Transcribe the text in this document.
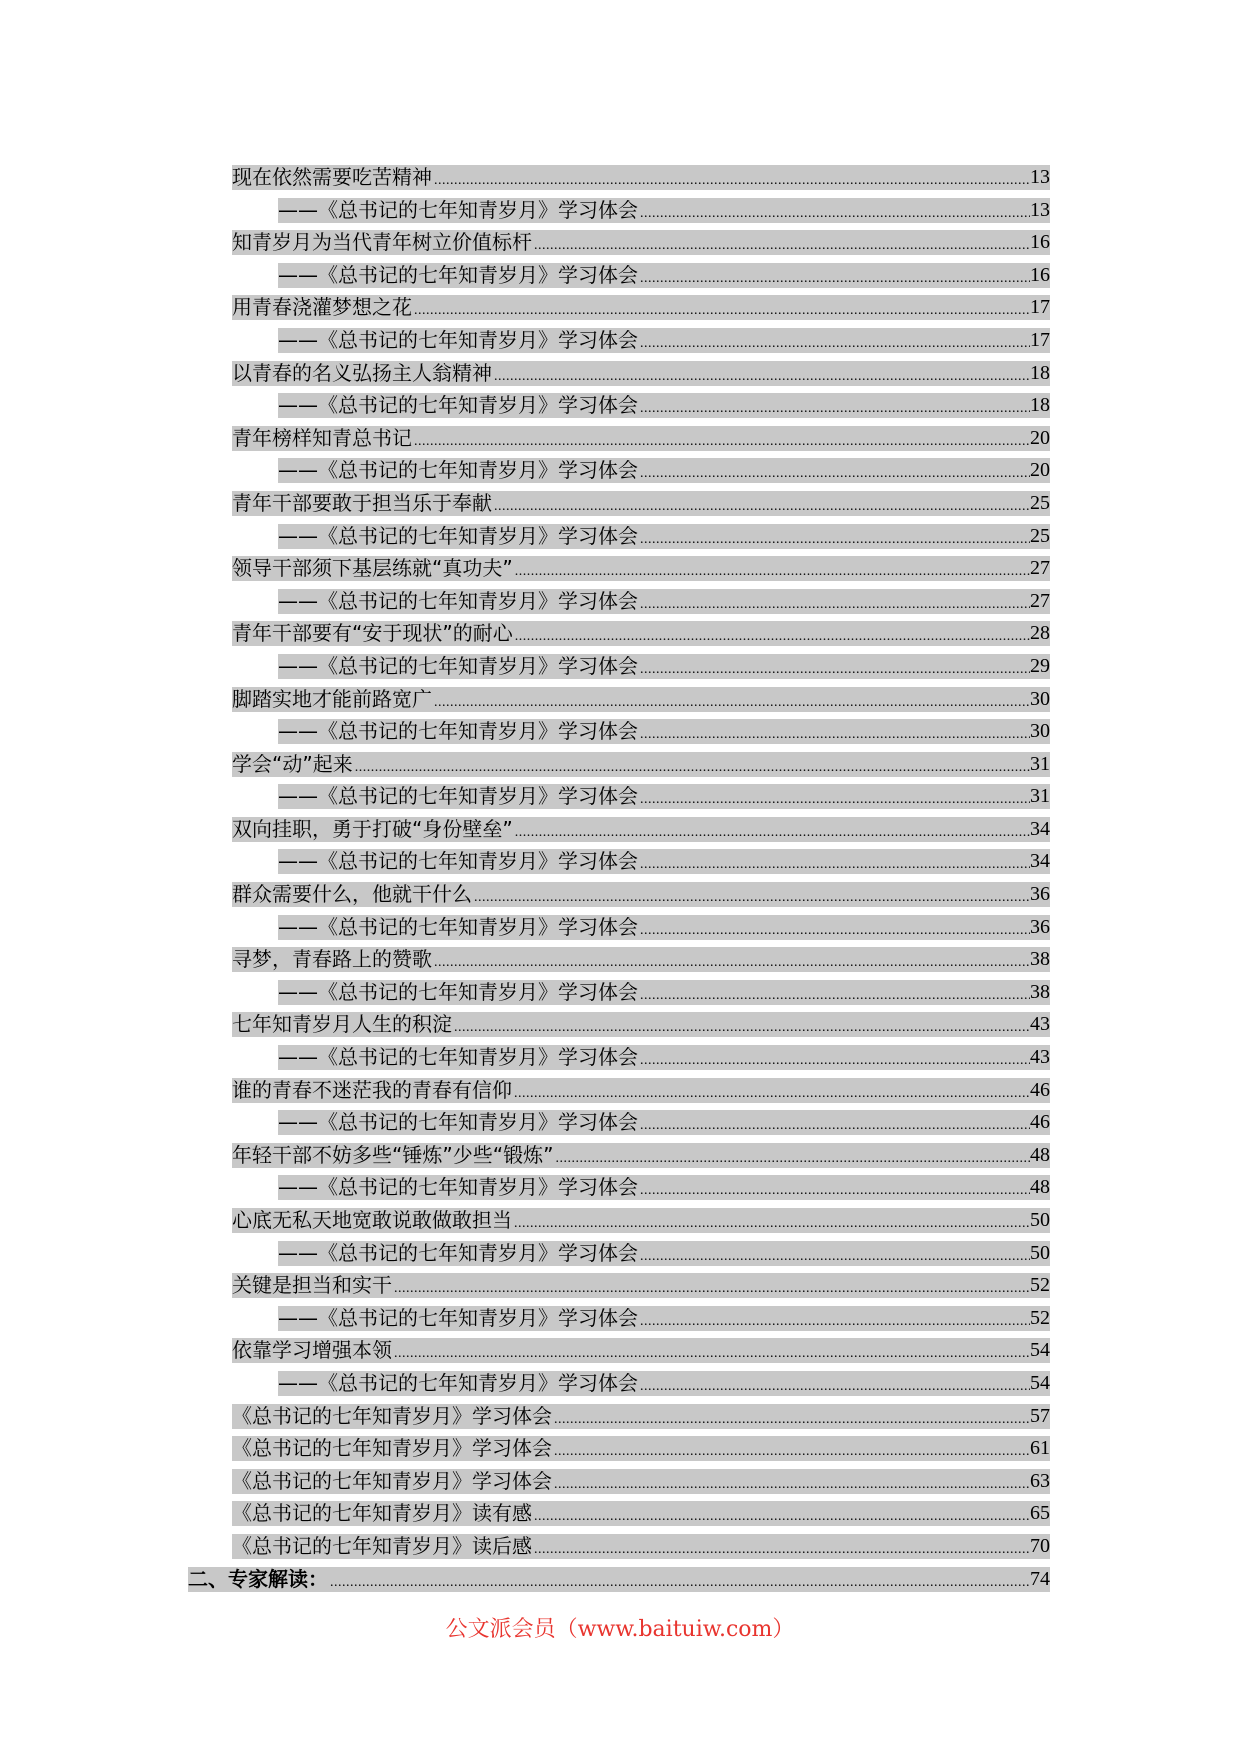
现在依然需要吃苦精神 .....	13
——《总书记的七年知青岁月》学习体会 .....	13
知青岁月为当代青年树立价值标杆 .....	16
——《总书记的七年知青岁月》学习体会 .....	16
用青春浇灌梦想之花 .....	17
——《总书记的七年知青岁月》学习体会 .....	17
以青春的名义弘扬主人翁精神 .....	18
——《总书记的七年知青岁月》学习体会 .....	18
青年榜样知青总书记 .....	20
——《总书记的七年知青岁月》学习体会 .....	20
青年干部要敢于担当乐于奉献 .....	25
——《总书记的七年知青岁月》学习体会 .....	25
领导干部须下基层练就“真功夫” .....	27
——《总书记的七年知青岁月》学习体会 .....	27
青年干部要有“安于现状”的耐心 .....	28
——《总书记的七年知青岁月》学习体会 .....	29
脚踏实地才能前路宽广 .....	30
——《总书记的七年知青岁月》学习体会 .....	30
学会“动”起来 .....	31
——《总书记的七年知青岁月》学习体会 .....	31
双向挂职，勇于打破“身份壁垒” .....	34
——《总书记的七年知青岁月》学习体会 .....	34
群众需要什么，他就干什么 .....	36
——《总书记的七年知青岁月》学习体会 .....	36
寻梦，青春路上的赞歌 .....	38
——《总书记的七年知青岁月》学习体会 .....	38
七年知青岁月人生的积淀 .....	43
——《总书记的七年知青岁月》学习体会 .....	43
谁的青春不迷茫我的青春有信仰 .....	46
——《总书记的七年知青岁月》学习体会 .....	46
年轻干部不妨多些“锤炼”少些“锻炼” .....	48
——《总书记的七年知青岁月》学习体会 .....	48
心底无私天地宽敢说敢做敢担当 .....	50
——《总书记的七年知青岁月》学习体会 .....	50
关键是担当和实干 .....	52
——《总书记的七年知青岁月》学习体会 .....	52
依靠学习增强本领 .....	54
——《总书记的七年知青岁月》学习体会 .....	54
《总书记的七年知青岁月》学习体会 .....	57
《总书记的七年知青岁月》学习体会 .....	61
《总书记的七年知青岁月》学习体会 .....	63
《总书记的七年知青岁月》读有感 .....	65
《总书记的七年知青岁月》读后感 .....	70
二、专家解读： .....	74
公文派会员（www.baituiw.com）
